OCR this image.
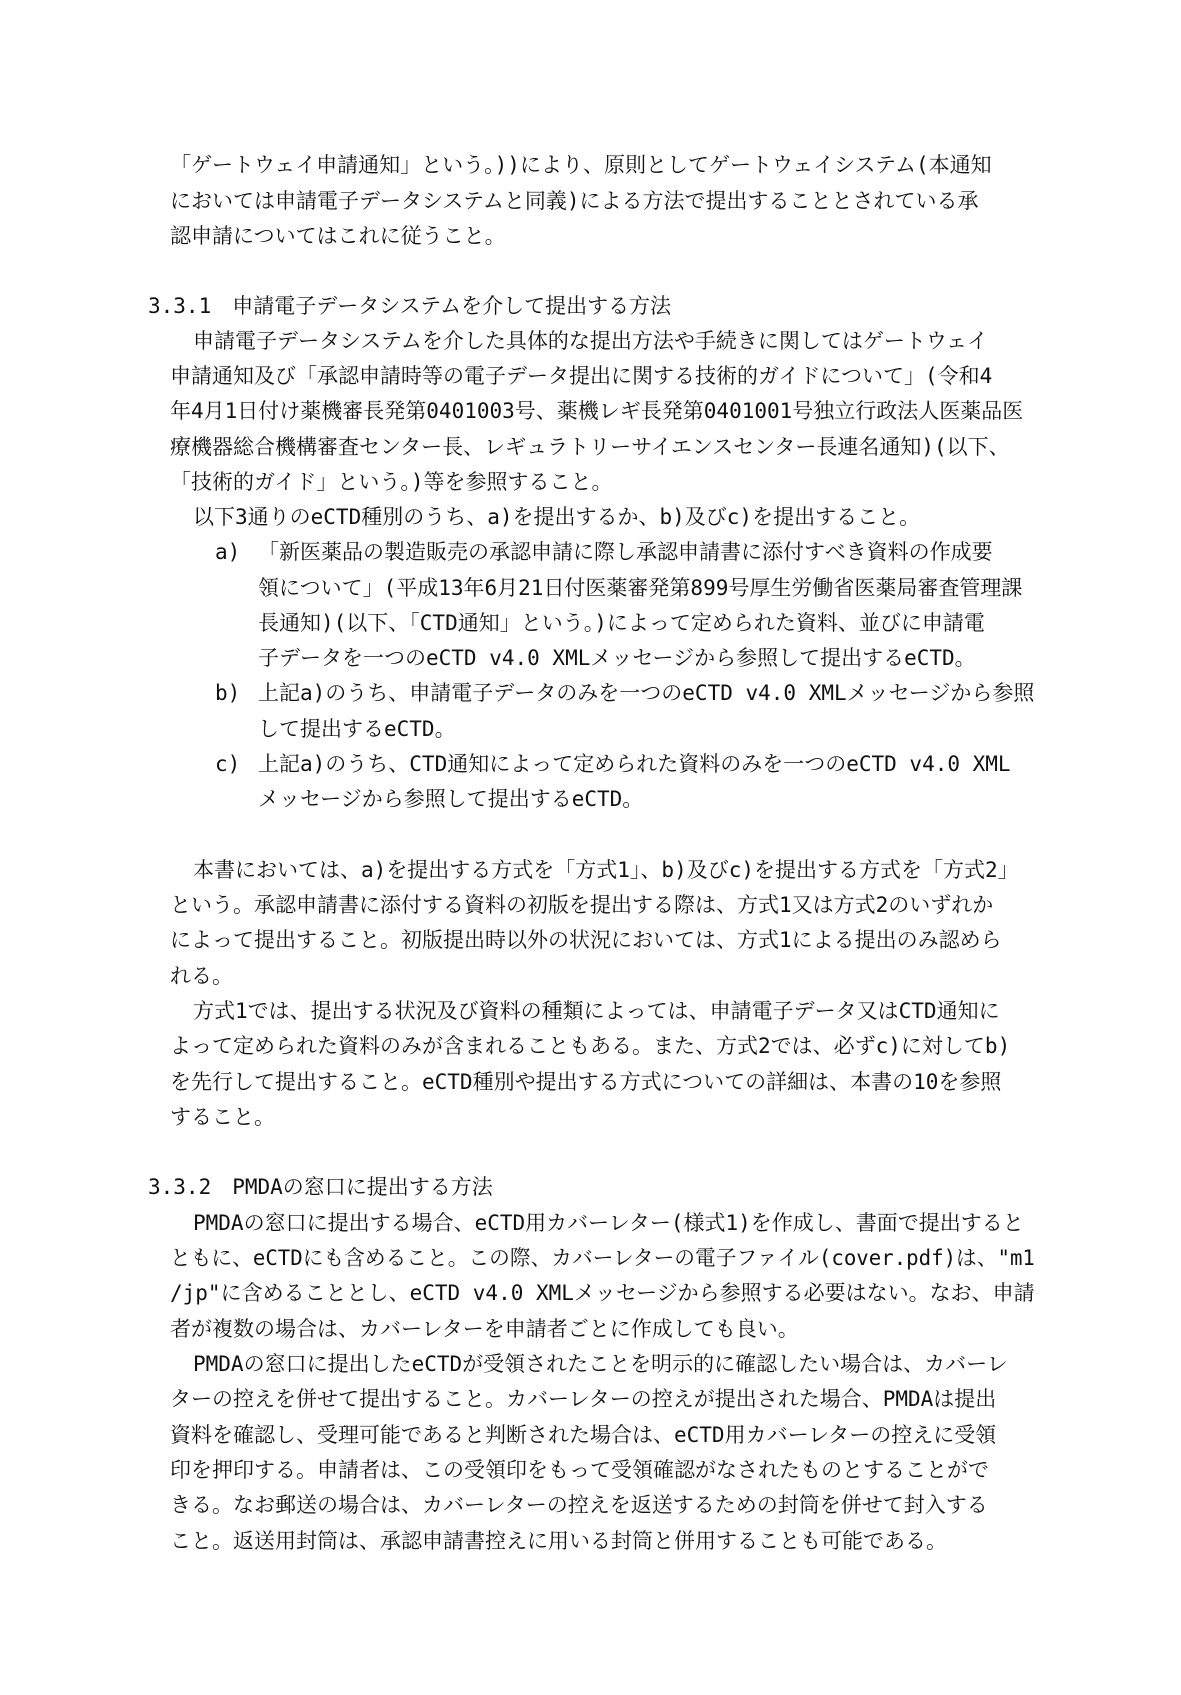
「ゲートウェイ申請通知」という。))により、原則としてゲートウェイシステム(本通知
においては申請電子データシステムと同義)による方法で提出することとされている承
認申請についてはこれに従うこと。
3.3.1　申請電子データシステムを介して提出する方法
申請電子データシステムを介した具体的な提出方法や手続きに関してはゲートウェイ
申請通知及び「承認申請時等の電子データ提出に関する技術的ガイドについて」(令和4
年4月1日付け薬機審長発第0401003号、薬機レギ長発第0401001号独立行政法人医薬品医
療機器総合機構審査センター長、レギュラトリーサイエンスセンター長連名通知)(以下、
「技術的ガイド」という。)等を参照すること。
以下3通りのeCTD種別のうち、a)を提出するか、b)及びc)を提出すること。
a) 「新医薬品の製造販売の承認申請に際し承認申請書に添付すべき資料の作成要
領について」(平成13年6月21日付医薬審発第899号厚生労働省医薬局審査管理課
長通知)(以下、「CTD通知」という。)によって定められた資料、並びに申請電
子データを一つのeCTD v4.0 XMLメッセージから参照して提出するeCTD。
b) 上記a)のうち、申請電子データのみを一つのeCTD v4.0 XMLメッセージから参照
して提出するeCTD。
c) 上記a)のうち、CTD通知によって定められた資料のみを一つのeCTD v4.0 XML
メッセージから参照して提出するeCTD。
本書においては、a)を提出する方式を「方式1」、b)及びc)を提出する方式を「方式2」
という。承認申請書に添付する資料の初版を提出する際は、方式1又は方式2のいずれか
によって提出すること。初版提出時以外の状況においては、方式1による提出のみ認めら
れる。
方式1では、提出する状況及び資料の種類によっては、申請電子データ又はCTD通知に
よって定められた資料のみが含まれることもある。また、方式2では、必ずc)に対してb)
を先行して提出すること。eCTD種別や提出する方式についての詳細は、本書の10を参照
すること。
3.3.2　PMDAの窓口に提出する方法
PMDAの窓口に提出する場合、eCTD用カバーレター(様式1)を作成し、書面で提出すると
ともに、eCTDにも含めること。この際、カバーレターの電子ファイル(cover.pdf)は、"m1
/jp"に含めることとし、eCTD v4.0 XMLメッセージから参照する必要はない。なお、申請
者が複数の場合は、カバーレターを申請者ごとに作成しても良い。
PMDAの窓口に提出したeCTDが受領されたことを明示的に確認したい場合は、カバーレ
ターの控えを併せて提出すること。カバーレターの控えが提出された場合、PMDAは提出
資料を確認し、受理可能であると判断された場合は、eCTD用カバーレターの控えに受領
印を押印する。申請者は、この受領印をもって受領確認がなされたものとすることがで
きる。なお郵送の場合は、カバーレターの控えを返送するための封筒を併せて封入する
こと。返送用封筒は、承認申請書控えに用いる封筒と併用することも可能である。
